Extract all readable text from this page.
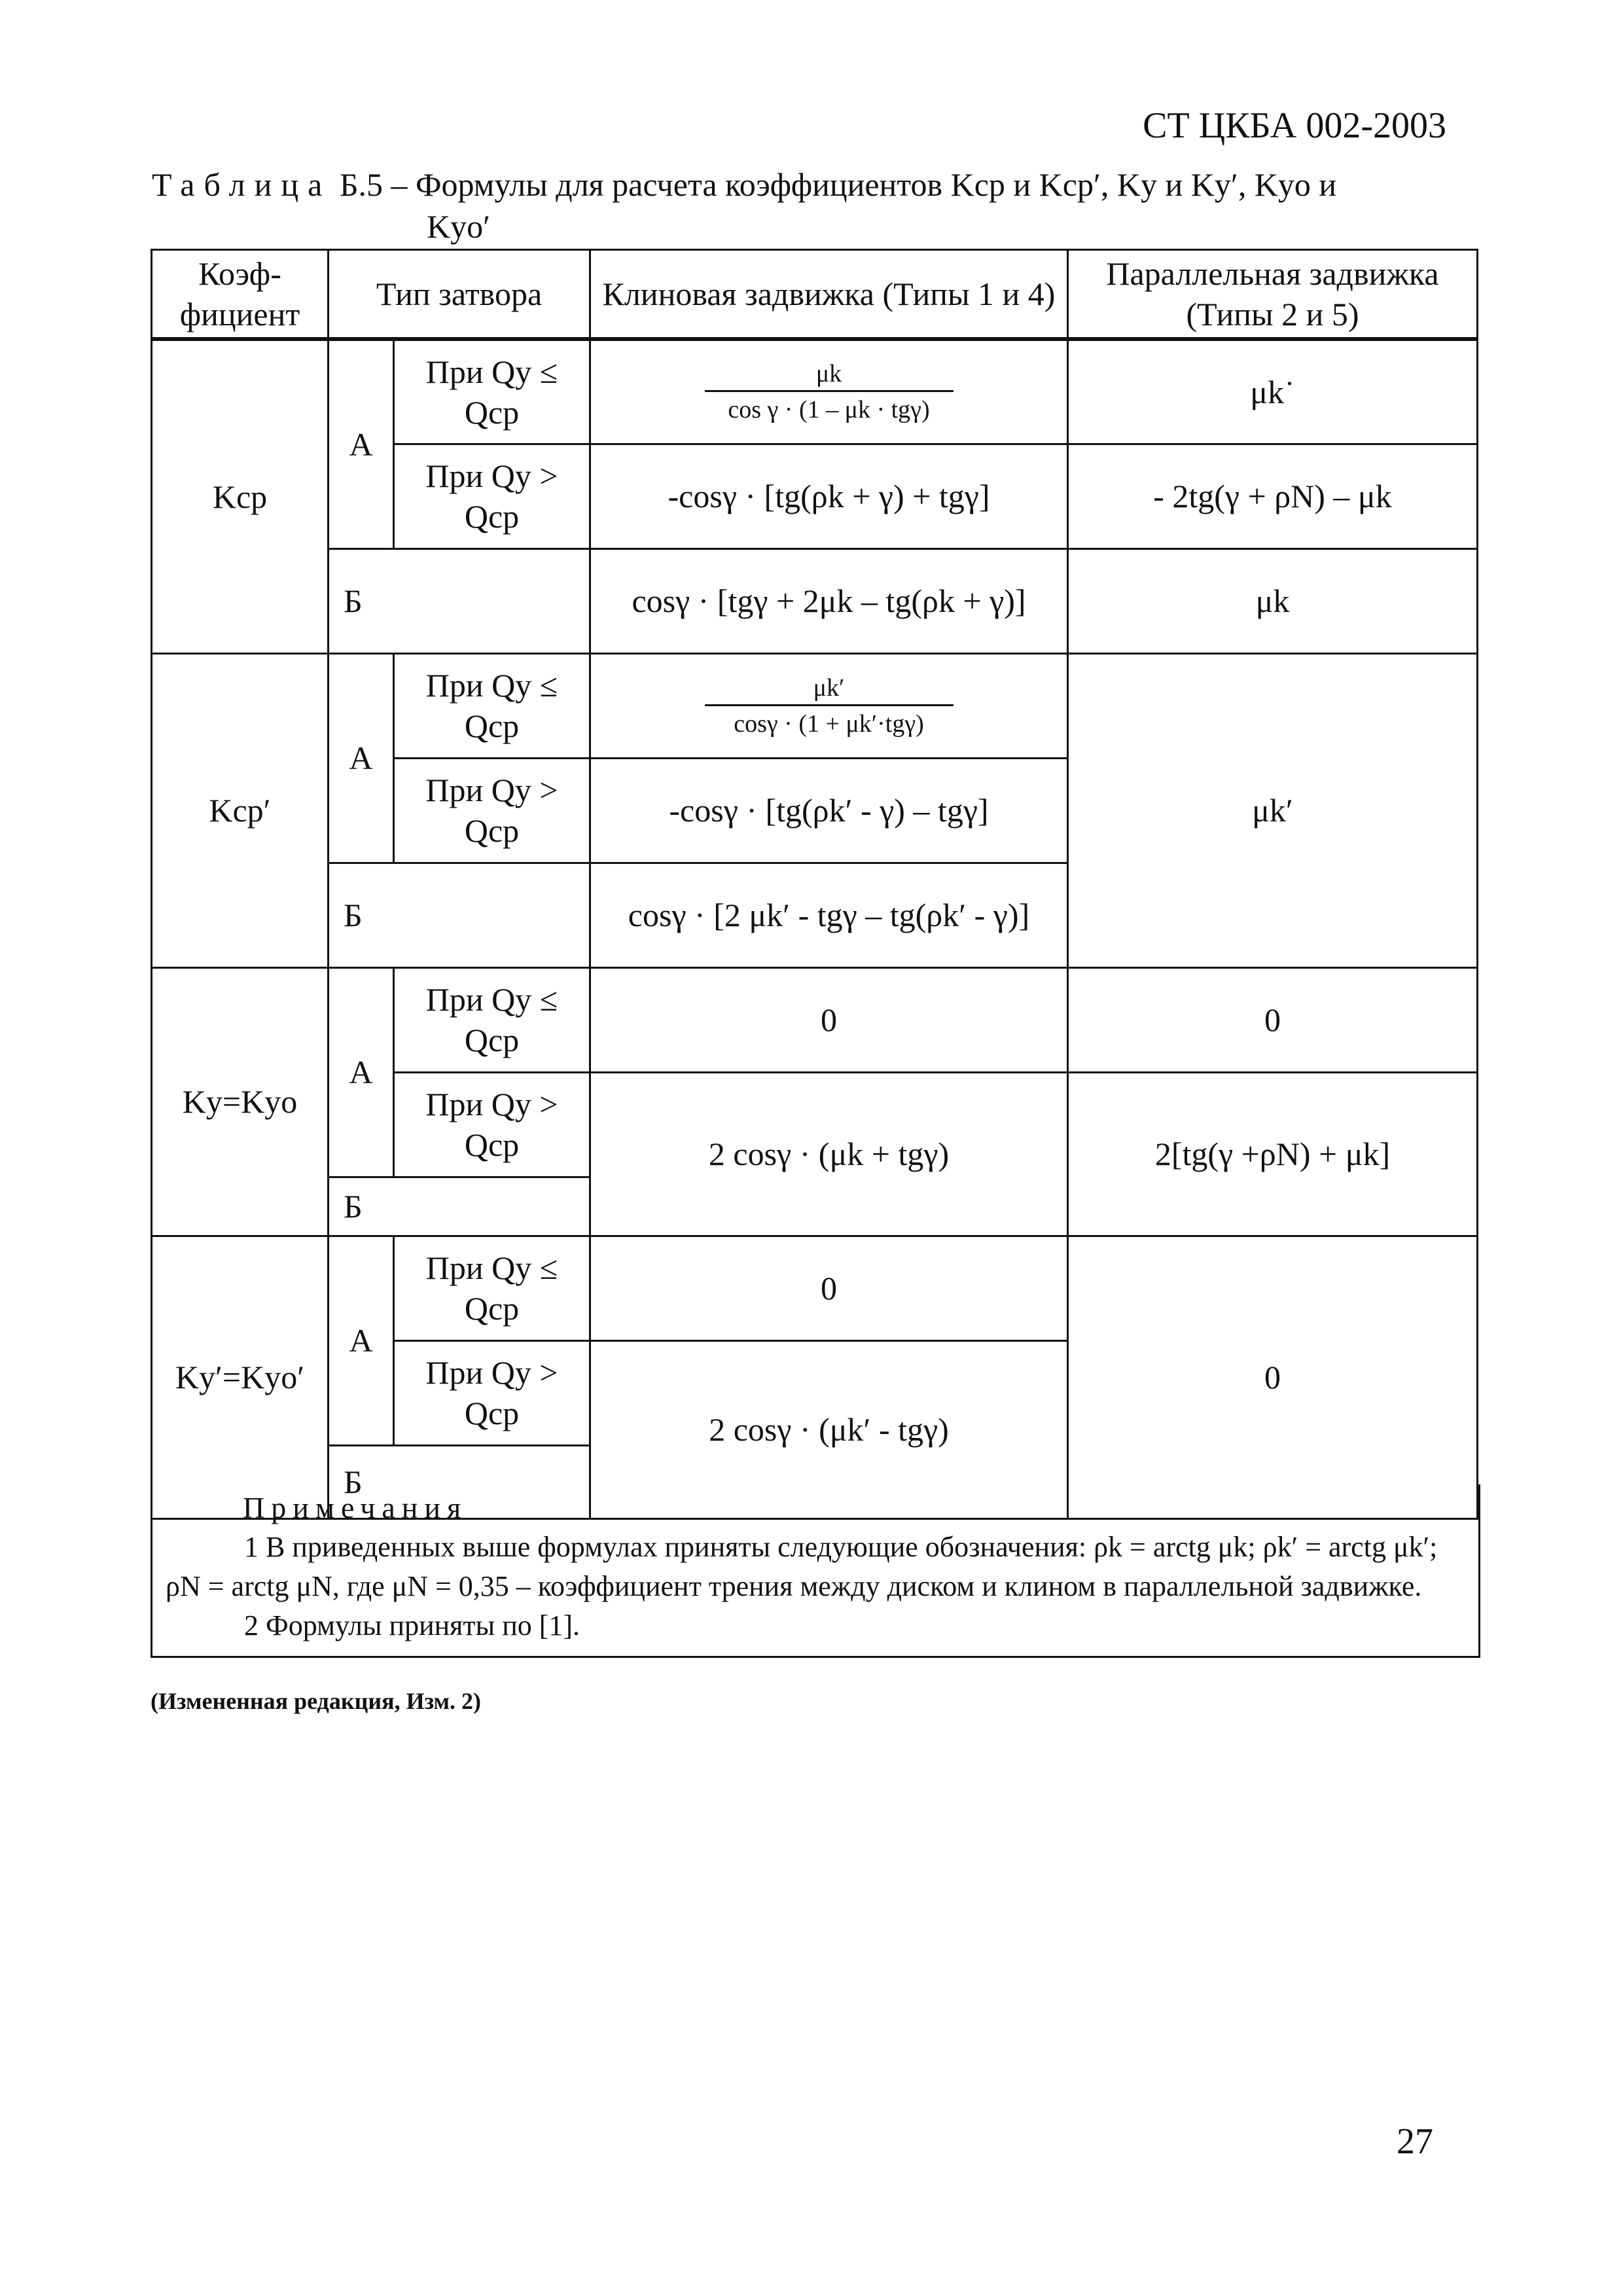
СТ ЦКБА 002-2003
Таблица Б.5 – Формулы для расчета коэффициентов Kcp и Kcp′, Ky и Ky′, Kyo и
Kyo′
Коэф-фициент	Тип затвора		Клиновая задвижка (Типы 1 и 4)	Параллельная задвижка (Типы 2 и 5)
Kcp	А	При Qy ≤ Qcp	$\frac{\mu k}{\text{cos γ · (1 – μk · tgγ)}}$	μk˙
		При Qy > Qcp	-cosγ · [tg(ρk + γ) + tgγ]	- 2tg(γ + ρN) – μk
	Б		cosγ · [tgγ + 2μk – tg(ρk + γ)]	μk
Kcp′	А	При Qy ≤ Qcp	$\frac{\mu k'}{\text{cosγ · (1 + μk′·tgγ)}}$	μk′
		При Qy > Qcp	-cosγ · [tg(ρk′ - γ) – tgγ]	
	Б		cosγ · [2 μk′ - tgγ – tg(ρk′ - γ)]	
Ky=Kyo	А	При Qy ≤ Qcp	0	0
		При Qy > Qcp	2 cosγ · (μk + tgγ)	2[tg(γ +ρN) + μk]
	Б			
Ky′=Kyo′	А	При Qy ≤ Qcp	0	0
		При Qy > Qcp	2 cosγ · (μk′ - tgγ)	
	Б			
Примечания
1 В приведенных выше формулах приняты следующие обозначения: ρk = arctg μk; ρk′ = arctg μk′; ρN = arctg μN, где μN = 0,35 – коэффициент трения между диском и клином в параллельной задвижке.
2 Формулы приняты по [1].
(Измененная редакция, Изм. 2)
27
